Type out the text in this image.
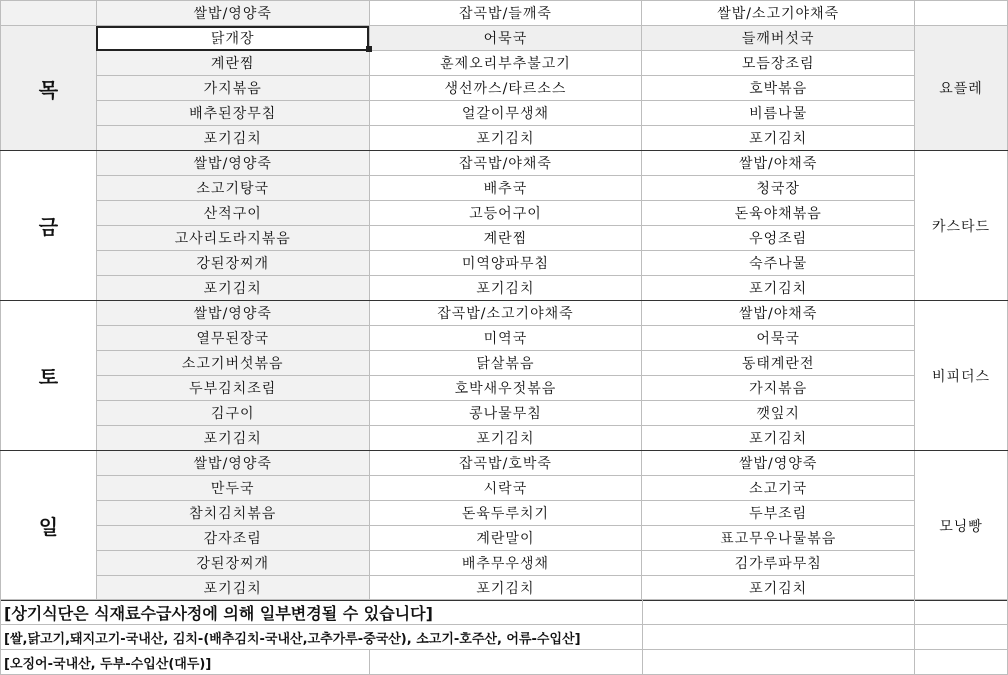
	쌀밥/영양죽	잡곡밥/들깨죽	쌀밥/소고기야채죽	
목	닭개장	어묵국	들깨버섯국	요플레
	계란찜	훈제오리부추불고기	모듬장조림	
	가지볶음	생선까스/타르소스	호박볶음	
	배추된장무침	얼갈이무생채	비름나물	
	포기김치	포기김치	포기김치	
금	쌀밥/영양죽	잡곡밥/야채죽	쌀밥/야채죽	카스타드
	소고기탕국	배추국	청국장	
	산적구이	고등어구이	돈육야채볶음	
	고사리도라지볶음	계란찜	우엉조림	
	강된장찌개	미역양파무침	숙주나물	
	포기김치	포기김치	포기김치	
토	쌀밥/영양죽	잡곡밥/소고기야채죽	쌀밥/야채죽	비피더스
	열무된장국	미역국	어묵국	
	소고기버섯볶음	닭살볶음	동태계란전	
	두부김치조림	호박새우젓볶음	가지볶음	
	김구이	콩나물무침	깻잎지	
	포기김치	포기김치	포기김치	
일	쌀밥/영양죽	잡곡밥/호박죽	쌀밥/영양죽	모닝빵
	만두국	시락국	소고기국	
	참치김치볶음	돈육두루치기	두부조림	
	감자조림	계란말이	표고무우나물볶음	
	강된장찌개	배추무우생채	김가루파무침	
	포기김치	포기김치	포기김치	
[상기식단은 식재료수급사정에 의해 일부변경될 수 있습니다]			
[쌀,닭고기,돼지고기-국내산, 김치-(배추김치-국내산,고추가루-중국산), 소고기-호주산, 어류-수입산]			
[오징어-국내산, 두부-수입산(대두)]			
